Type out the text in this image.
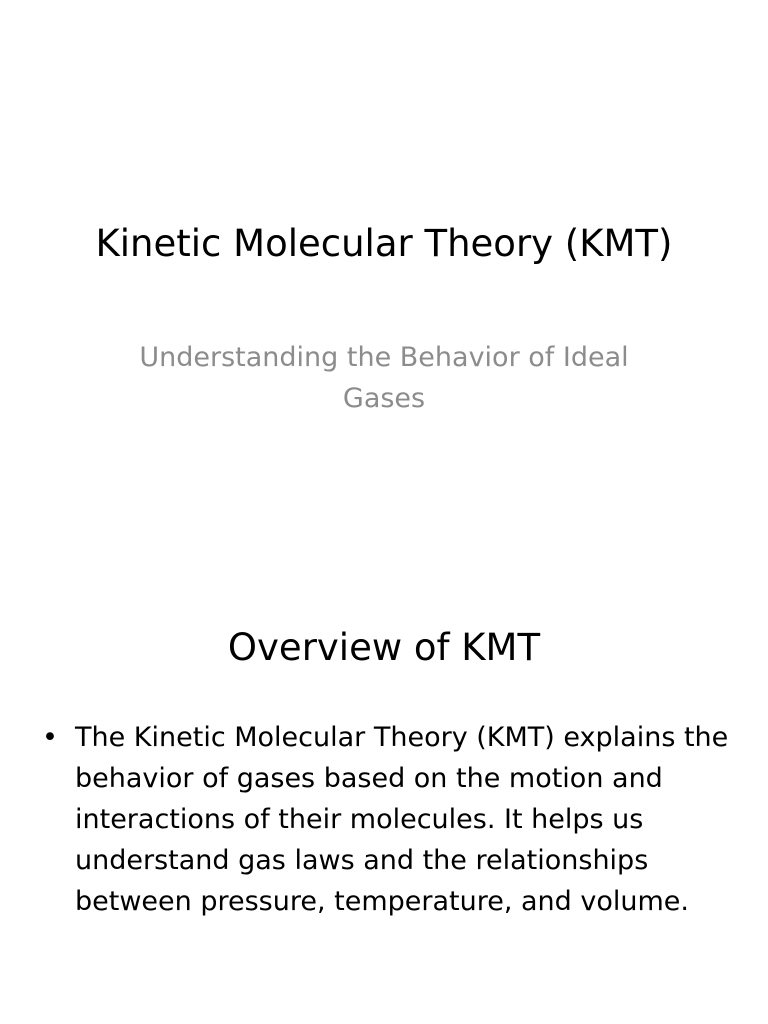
Kinetic Molecular Theory (KMT)

Understanding the Behavior of Ideal Gases

Overview of KMT
• The Kinetic Molecular Theory (KMT) explains the behavior of gases based on the motion and interactions of their molecules. It helps us understand gas laws and the relationships between pressure, temperature, and volume.
